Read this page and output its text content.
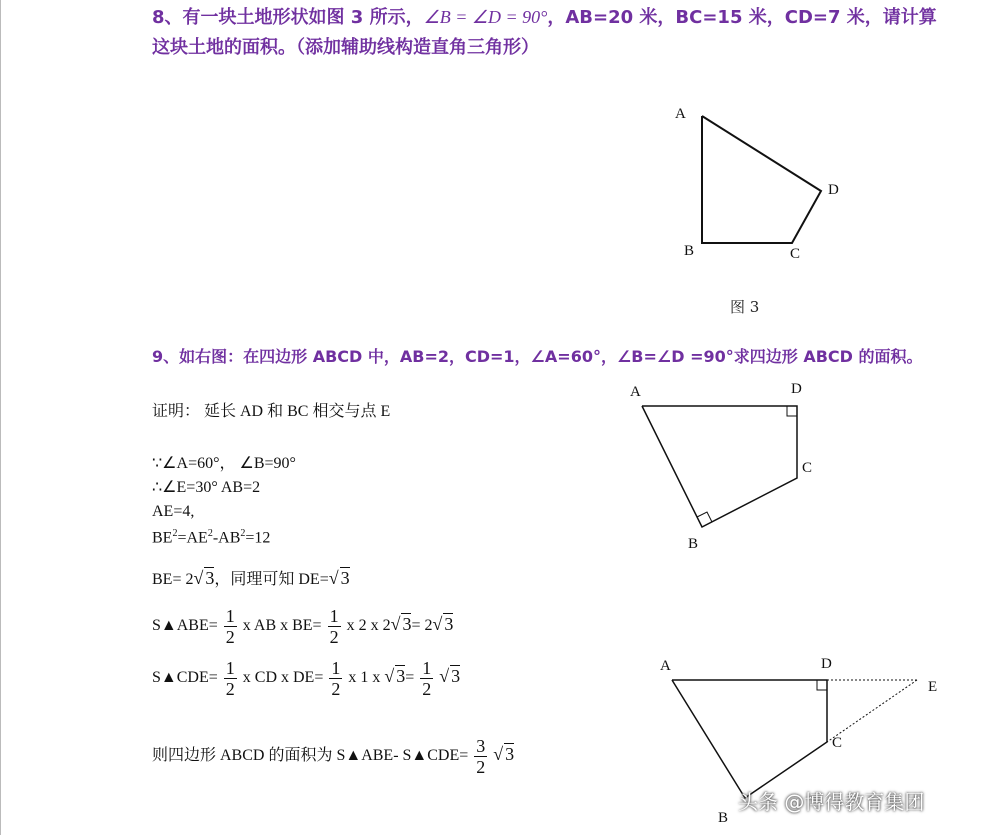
8、有一块土地形状如图 3 所示，∠B = ∠D = 90°，AB=20 米，BC=15 米，CD=7 米，请计算这块土地的面积。（添加辅助线构造直角三角形）
A
B	C
D
图 3
9、如右图：在四边形 ABCD 中，AB=2，CD=1，∠A=60°，∠B=∠D =90°求四边形 ABCD 的面积。
A	D
C
B
A	D
E
C
B
证明： 延长 AD 和 BC 相交与点 E
∵∠A=60°， ∠B=90°
∴∠E=30° AB=2
AE=4,
$BE^2=AE^2-AB^2=12$
BE= 2√ 3，同理可知 DE=√ 3
S▲ABE= $\frac{1}{2}$ x AB x $BE= \frac{1}{2}$ x 2 x 2√ 3= 2√ 3
S▲CDE= $\frac{1}{2}$ x CD x $DE= \frac{1}{2}$ x 1 x √ $3= \frac{1}{2}$ √ 3
则四边形 ABCD 的面积为 S▲ABE- S▲CDE= $\frac{3}{2}$ √ 3
头条 @博得教育集团
